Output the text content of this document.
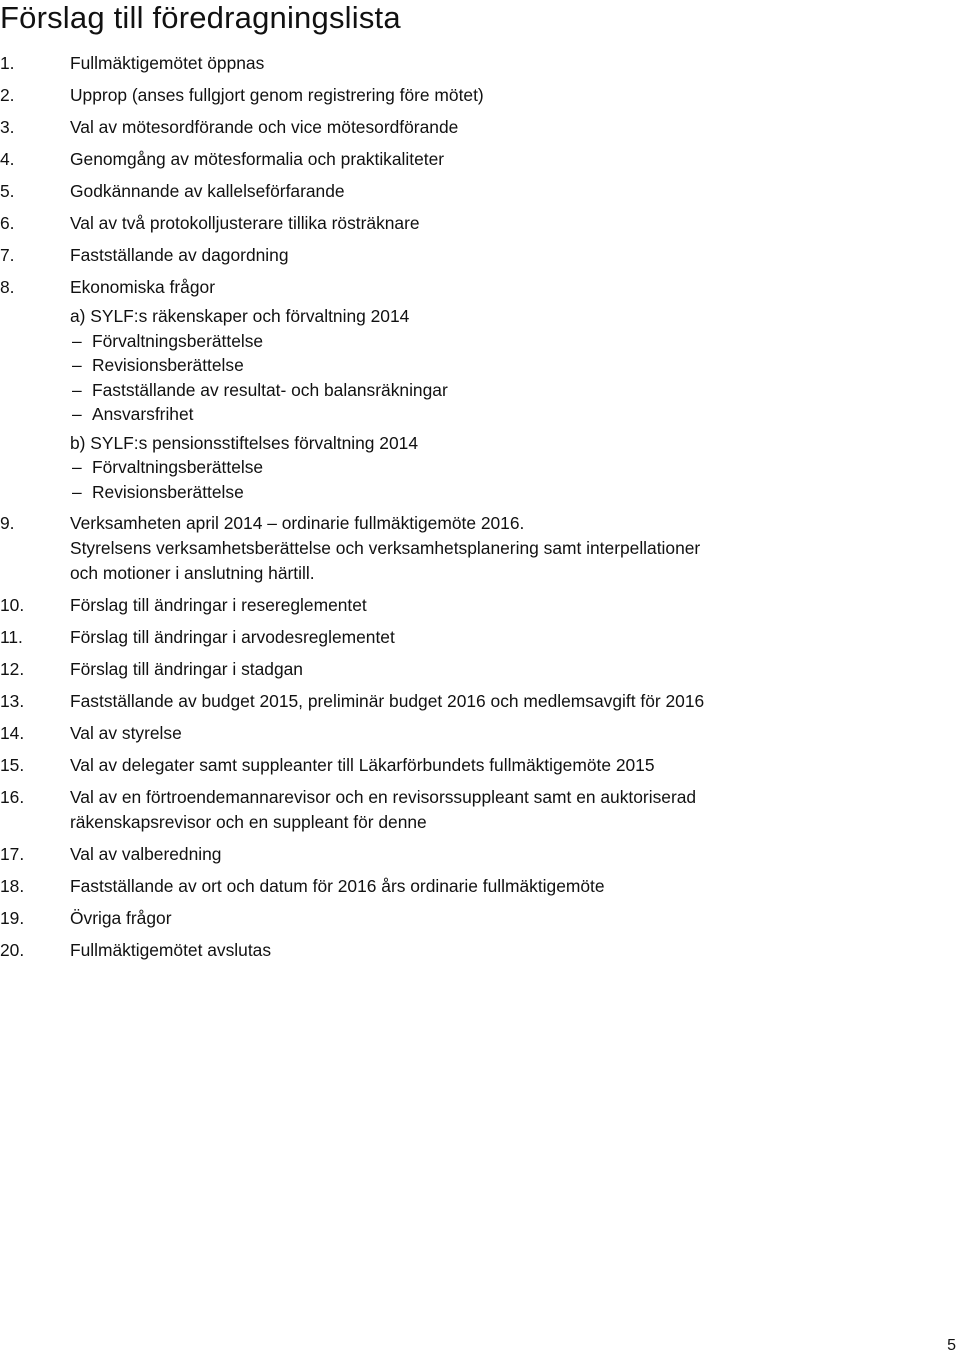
Förslag till föredragningslista
1.	Fullmäktigemötet öppnas
2.	Upprop (anses fullgjort genom registrering före mötet)
3.	Val av mötesordförande och vice mötesordförande
4.	Genomgång av mötesformalia och praktikaliteter
5.	Godkännande av kallelseförfarande
6.	Val av två protokolljusterare tillika rösträknare
7.	Fastställande av dagordning
8.	Ekonomiska frågor
a) SYLF:s räkenskaper och förvaltning 2014
– Förvaltningsberättelse
– Revisionsberättelse
– Fastställande av resultat- och balansräkningar
– Ansvarsfrihet
b) SYLF:s pensionsstiftelses förvaltning 2014
– Förvaltningsberättelse
– Revisionsberättelse
9.	Verksamheten april 2014 – ordinarie fullmäktigemöte 2016.
Styrelsens verksamhetsberättelse och verksamhetsplanering samt interpellationer
och motioner i anslutning härtill.
10.	Förslag till ändringar i resereglementet
11.	Förslag till ändringar i arvodesreglementet
12.	Förslag till ändringar i stadgan
13.	Fastställande av budget 2015, preliminär budget 2016 och medlemsavgift för 2016
14.	Val av styrelse
15.	Val av delegater samt suppleanter till Läkarförbundets fullmäktigemöte 2015
16.	Val av en förtroendemannarevisor och en revisorssuppleant samt en auktoriserad
räkenskapsrevisor och en suppleant för denne
17.	Val av valberedning
18.	Fastställande av ort och datum för 2016 års ordinarie fullmäktigemöte
19.	Övriga frågor
20.	Fullmäktigemötet avslutas
5
